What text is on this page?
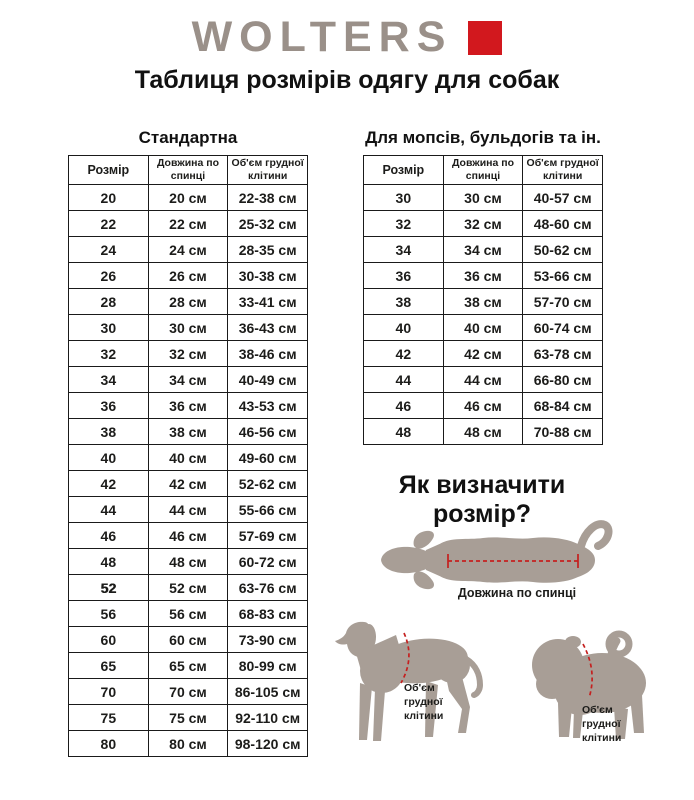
WOLTERS
Таблиця розмірів одягу для собак
Стандартна
Розмір	Довжина по спинці	Об'єм грудної клітини
20	20 см	22-38 см
22	22 см	25-32 см
24	24 см	28-35 см
26	26 см	30-38 см
28	28 см	33-41 см
30	30 см	36-43 см
32	32 см	38-46 см
34	34 см	40-49 см
36	36 см	43-53 см
38	38 см	46-56 см
40	40 см	49-60 см
42	42 см	52-62 см
44	44 см	55-66 см
46	46 см	57-69 см
48	48 см	60-72 см
52	52 см	63-76 см
56	56 см	68-83 см
60	60 см	73-90 см
65	65 см	80-99 см
70	70 см	86-105 см
75	75 см	92-110 см
80	80 см	98-120 см
Для мопсів, бульдогів та ін.
Розмір	Довжина по спинці	Об'єм грудної клітини
30	30 см	40-57 см
32	32 см	48-60 см
34	34 см	50-62 см
36	36 см	53-66 см
38	38 см	57-70 см
40	40 см	60-74 см
42	42 см	63-78 см
44	44 см	66-80 см
46	46 см	68-84 см
48	48 см	70-88 см
Як визначити розмір?
Довжина по спинці
Об'єм
грудної
клітини	Об'єм
грудної
клітини
